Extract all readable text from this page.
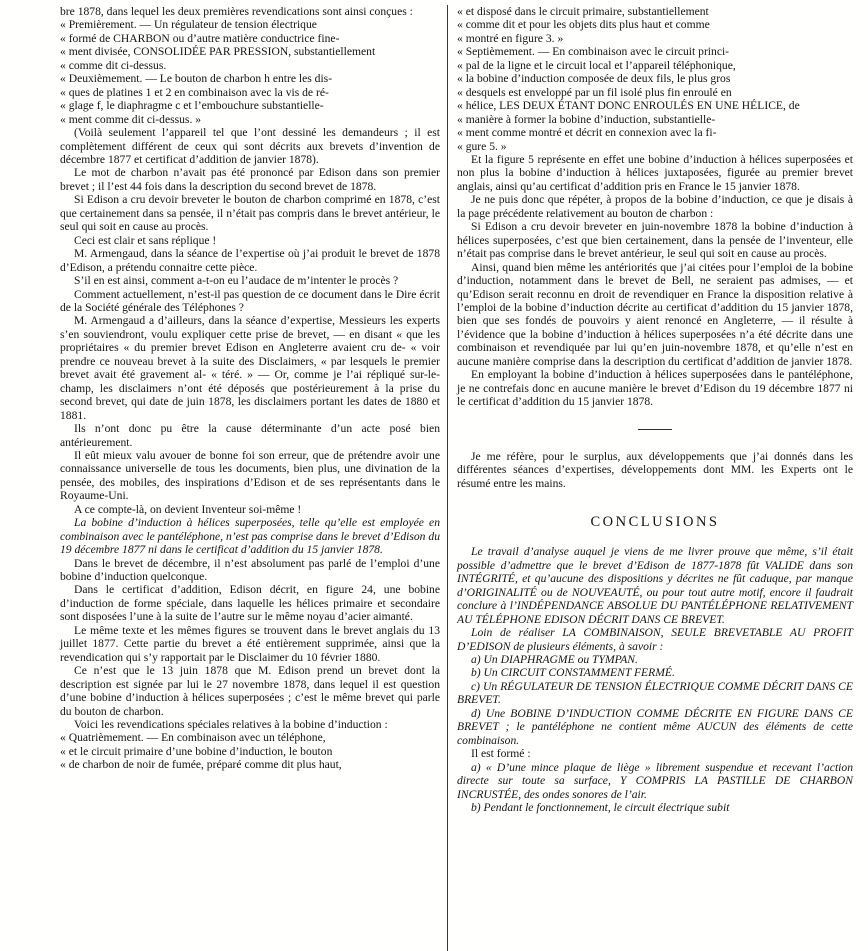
bre 1878, dans lequel les deux premières revendications sont ainsi conçues :

« Premièrement. — Un régulateur de tension électrique
« formé de CHARBON ou d’autre matière conductrice fine-
« ment divisée, CONSOLIDÉE PAR PRESSION, substantiellement
« comme dit ci-dessus.
« Deuxièmement. — Le bouton de charbon h entre les dis-
« ques de platines 1 et 2 en combinaison avec la vis de ré-
« glage f, le diaphragme c et l’embouchure substantielle-
« ment comme dit ci-dessus. »

(Voilà seulement l’appareil tel que l’ont dessiné les demandeurs ; il est complètement différent de ceux qui sont décrits aux brevets d’invention de décembre 1877 et certificat d’addition de janvier 1878).

Le mot de charbon n’avait pas été prononcé par Edison dans son premier brevet ; il l’est 44 fois dans la description du second brevet de 1878.

Si Edison a cru devoir breveter le bouton de charbon comprimé en 1878, c’est que certainement dans sa pensée, il n’était pas compris dans le brevet antérieur, le seul qui soit en cause au procès.

Ceci est clair et sans réplique !

M. Armengaud, dans la séance de l’expertise où j’ai produit le brevet de 1878 d’Edison, a prétendu connaitre cette pièce.

S’il en est ainsi, comment a-t-on eu l’audace de m’intenter le procès ?

Comment actuellement, n’est-il pas question de ce document dans le Dire écrit de la Société générale des Téléphones ?

M. Armengaud a d’ailleurs, dans la séance d’expertise, Messieurs les experts s’en souviendront, voulu expliquer cette prise de brevet, — en disant « que les propriétaires « du premier brevet Edison en Angleterre avaient cru de- « voir prendre ce nouveau brevet à la suite des Disclaimers, « par lesquels le premier brevet avait été gravement al- « téré. » — Or, comme je l’ai répliqué sur-le-champ, les disclaimers n’ont été déposés que postérieurement à la prise du second brevet, qui date de juin 1878, les disclaimers portant les dates de 1880 et 1881.

Ils n’ont donc pu être la cause déterminante d’un acte posé bien antérieurement.

Il eût mieux valu avouer de bonne foi son erreur, que de prétendre avoir une connaissance universelle de tous les documents, bien plus, une divination de la pensée, des mobiles, des inspirations d’Edison et de ses représentants dans le Royaume-Uni.

A ce compte-là, on devient Inventeur soi-même !

La bobine d’induction à hélices superposées, telle qu’elle est employée en combinaison avec le pantéléphone, n’est pas comprise dans le brevet d’Edison du 19 décembre 1877 ni dans le certificat d’addition du 15 janvier 1878.

Dans le brevet de décembre, il n’est absolument pas parlé de l’emploi d’une bobine d’induction quelconque.

Dans le certificat d’addition, Edison décrit, en figure 24, une bobine d’induction de forme spéciale, dans laquelle les hélices primaire et secondaire sont disposées l’une à la suite de l’autre sur le même noyau d’acier aimanté.

Le même texte et les mêmes figures se trouvent dans le brevet anglais du 13 juillet 1877. Cette partie du brevet a été entièrement supprimée, ainsi que la revendication qui s’y rapportait par le Disclaimer du 10 février 1880.

Ce n’est que le 13 juin 1878 que M. Edison prend un brevet dont la description est signée par lui le 27 novembre 1878, dans lequel il est question d’une bobine d’induction à hélices superposées ; c’est le même brevet qui parle du bouton de charbon.

Voici les revendications spéciales relatives à la bobine d’induction :

« Quatrièmement. — En combinaison avec un téléphone,
« et le circuit primaire d’une bobine d’induction, le bouton
« de charbon de noir de fumée, préparé comme dit plus haut,
« et disposé dans le circuit primaire, substantiellement
« comme dit et pour les objets dits plus haut et comme
« montré en figure 3. »
« Septièmement. — En combinaison avec le circuit princi-
« pal de la ligne et le circuit local et l’appareil téléphonique,
« la bobine d’induction composée de deux fils, le plus gros
« desquels est enveloppé par un fil isolé plus fin enroulé en
« hélice, LES DEUX ÉTANT DONC ENROULÉS EN UNE HÉLICE, de
« manière à former la bobine d’induction, substantielle-
« ment comme montré et décrit en connexion avec la fi-
« gure 5. »

Et la figure 5 représente en effet une bobine d’induction à hélices superposées et non plus la bobine d’induction à hélices juxtaposées, figurée au premier brevet anglais, ainsi qu’au certificat d’addition pris en France le 15 janvier 1878.

Je ne puis donc que répéter, à propos de la bobine d’induction, ce que je disais à la page précédente relativement au bouton de charbon :

Si Edison a cru devoir breveter en juin-novembre 1878 la bobine d’induction à hélices superposées, c’est que bien certainement, dans la pensée de l’inventeur, elle n’était pas comprise dans le brevet antérieur, le seul qui soit en cause au procès.

Ainsi, quand bien même les antériorités que j’ai citées pour l’emploi de la bobine d’induction, notamment dans le brevet de Bell, ne seraient pas admises, — et qu’Edison serait reconnu en droit de revendiquer en France la disposition relative à l’emploi de la bobine d’induction décrite au certificat d’addition du 15 janvier 1878, bien que ses fondés de pouvoirs y aient renoncé en Angleterre, — il résulte à l’évidence que la bobine d’induction à hélices superposées n’a été décrite dans une combinaison et revendiquée par lui qu’en juin-novembre 1878, et qu’elle n’est en aucune manière comprise dans la description du certificat d’addition de janvier 1878.

En employant la bobine d’induction à hélices superposées dans le pantéléphone, je ne contrefais donc en aucune manière le brevet d’Edison du 19 décembre 1877 ni le certificat d’addition du 15 janvier 1878.

Je me réfère, pour le surplus, aux développements que j’ai donnés dans les différentes séances d’expertises, développements dont MM. les Experts ont le résumé entre les mains.

CONCLUSIONS

Le travail d’analyse auquel je viens de me livrer prouve que même, s’il était possible d’admettre que le brevet d’Edison de 1877-1878 fût VALIDE dans son INTÉGRITÉ, et qu’aucune des dispositions y décrites ne fût caduque, par manque d’ORIGINALITÉ ou de NOUVEAUTÉ, ou pour tout autre motif, encore il faudrait conclure à l’INDÉPENDANCE ABSOLUE DU PANTÉLÉPHONE RELATIVEMENT AU TÉLÉPHONE EDISON DÉCRIT DANS CE BREVET.

Loin de réaliser LA COMBINAISON, SEULE BREVETABLE AU PROFIT D’EDISON de plusieurs éléments, à savoir :

a) Un DIAPHRAGME ou TYMPAN.

b) Un CIRCUIT CONSTAMMENT FERMÉ.

c) Un RÉGULATEUR DE TENSION ÉLECTRIQUE COMME DÉCRIT DANS CE BREVET.

d) Une BOBINE D’INDUCTION COMME DÉCRITE EN FIGURE DANS CE BREVET ; le pantéléphone ne contient même AUCUN des éléments de cette combinaison.

Il est formé :

a) « D’une mince plaque de liège » librement suspendue et recevant l’action directe sur toute sa surface, Y COMPRIS LA PASTILLE DE CHARBON INCRUSTÉE, des ondes sonores de l’air.

b) Pendant le fonctionnement, le circuit électrique subit
